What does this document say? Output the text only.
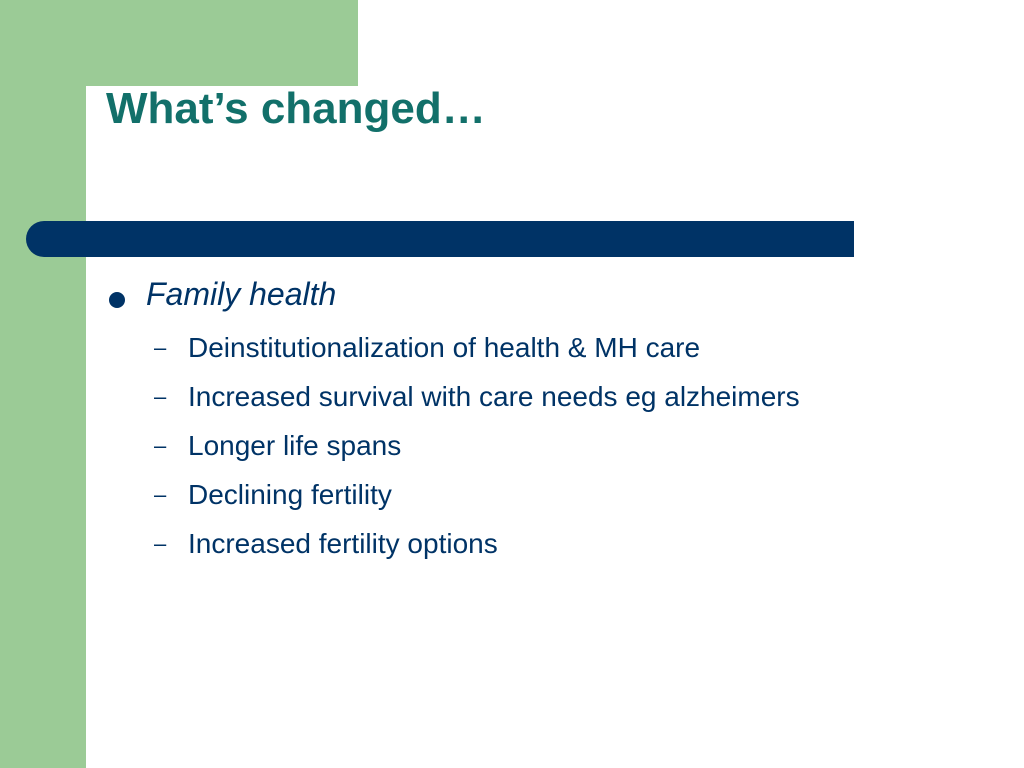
What’s changed…
Family health
– Deinstitutionalization of health & MH care
– Increased survival with care needs eg alzheimers
– Longer life spans
– Declining fertility
– Increased fertility options
